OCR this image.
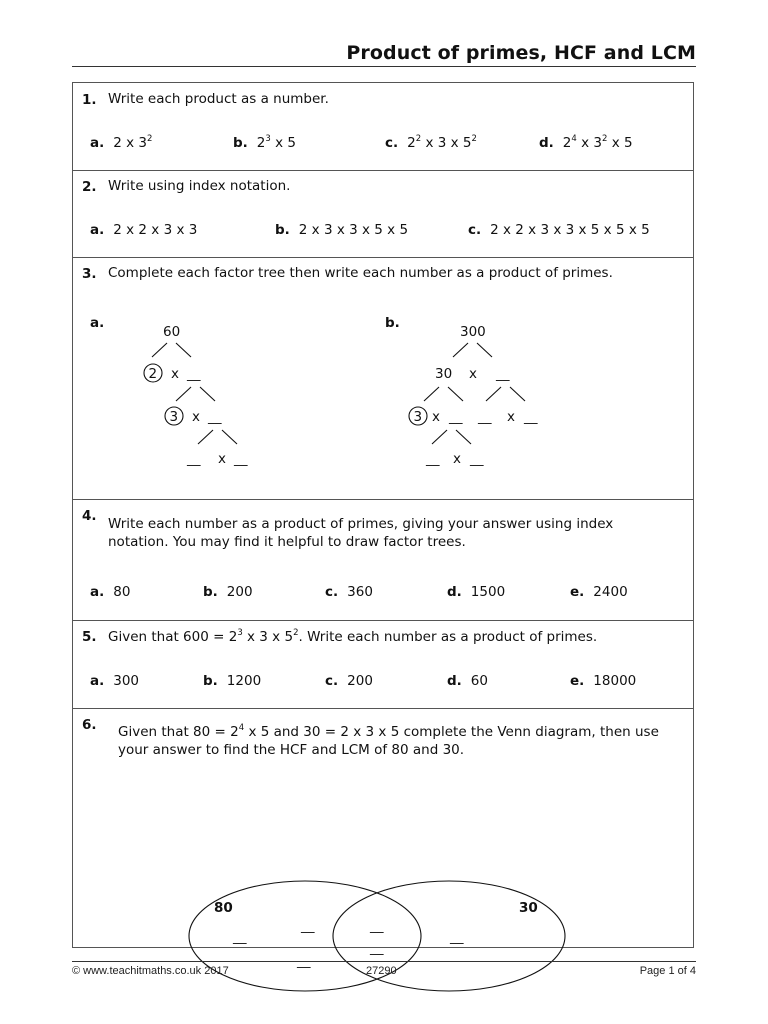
Product of primes, HCF and LCM
1. Write each product as a number.
a. 2 x $3^2$	b. $2^3$ x 5	c. $2^2$ x 3 x $5^2$	d. $2^4$ x $3^2$ x 5
2. Write using index notation.
a. 2 x 2 x 3 x 3	b. 2 x 3 x 3 x 5 x 5	c. 2 x 2 x 3 x 3 x 5 x 5 x 5
3. Complete each factor tree then write each number as a product of primes.
a.
60
2 x __
3 x __
__ x __
300
30 x __
3 x __ __ x __
__ x __
b.
4. Write each number as a product of primes, giving your answer using index notation. You may find it helpful to draw factor trees.
a. 80	b. 200	c. 360	d. 1500	e. 2400
5. Given that $600 = 2^3$ x 3 x $5^2$. Write each number as a product of primes.
a. 300	b. 1200	c. 200	d. 60	e. 18000
6. Given that $80 = 2^4$ x 5 and 30 = 2 x 3 x 5 complete the Venn diagram, then use
your answer to find the HCF and LCM of 80 and 30.
80	30
__
__
__
__
__
__
© www.teachitmaths.co.uk 2017	27290	Page 1 of 4
